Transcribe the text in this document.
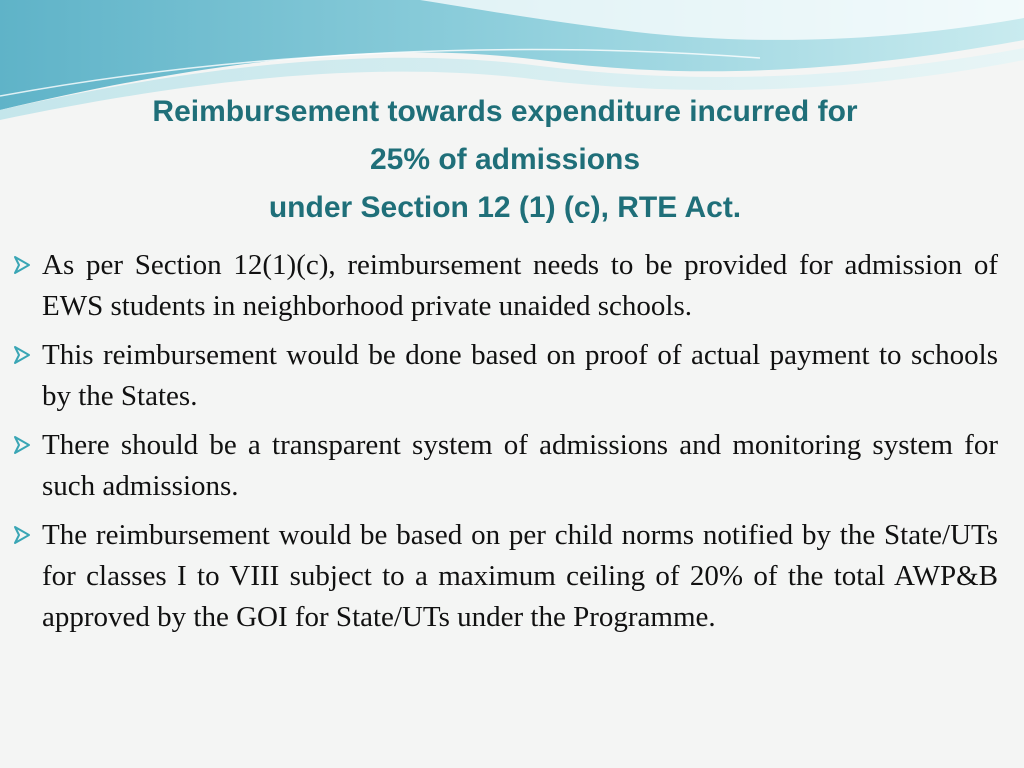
Reimbursement towards expenditure incurred for
25% of admissions
under Section 12 (1) (c), RTE Act.
As per Section 12(1)(c), reimbursement needs to be provided for admission of EWS students in neighborhood private unaided schools.
This reimbursement would be done based on proof of actual payment to schools by the States.
There should be a transparent system of admissions and monitoring system for such admissions.
The reimbursement would be based on per child norms notified by the State/UTs for classes I to VIII subject to a maximum ceiling of 20% of the total AWP&B approved by the GOI for State/UTs under the Programme.
